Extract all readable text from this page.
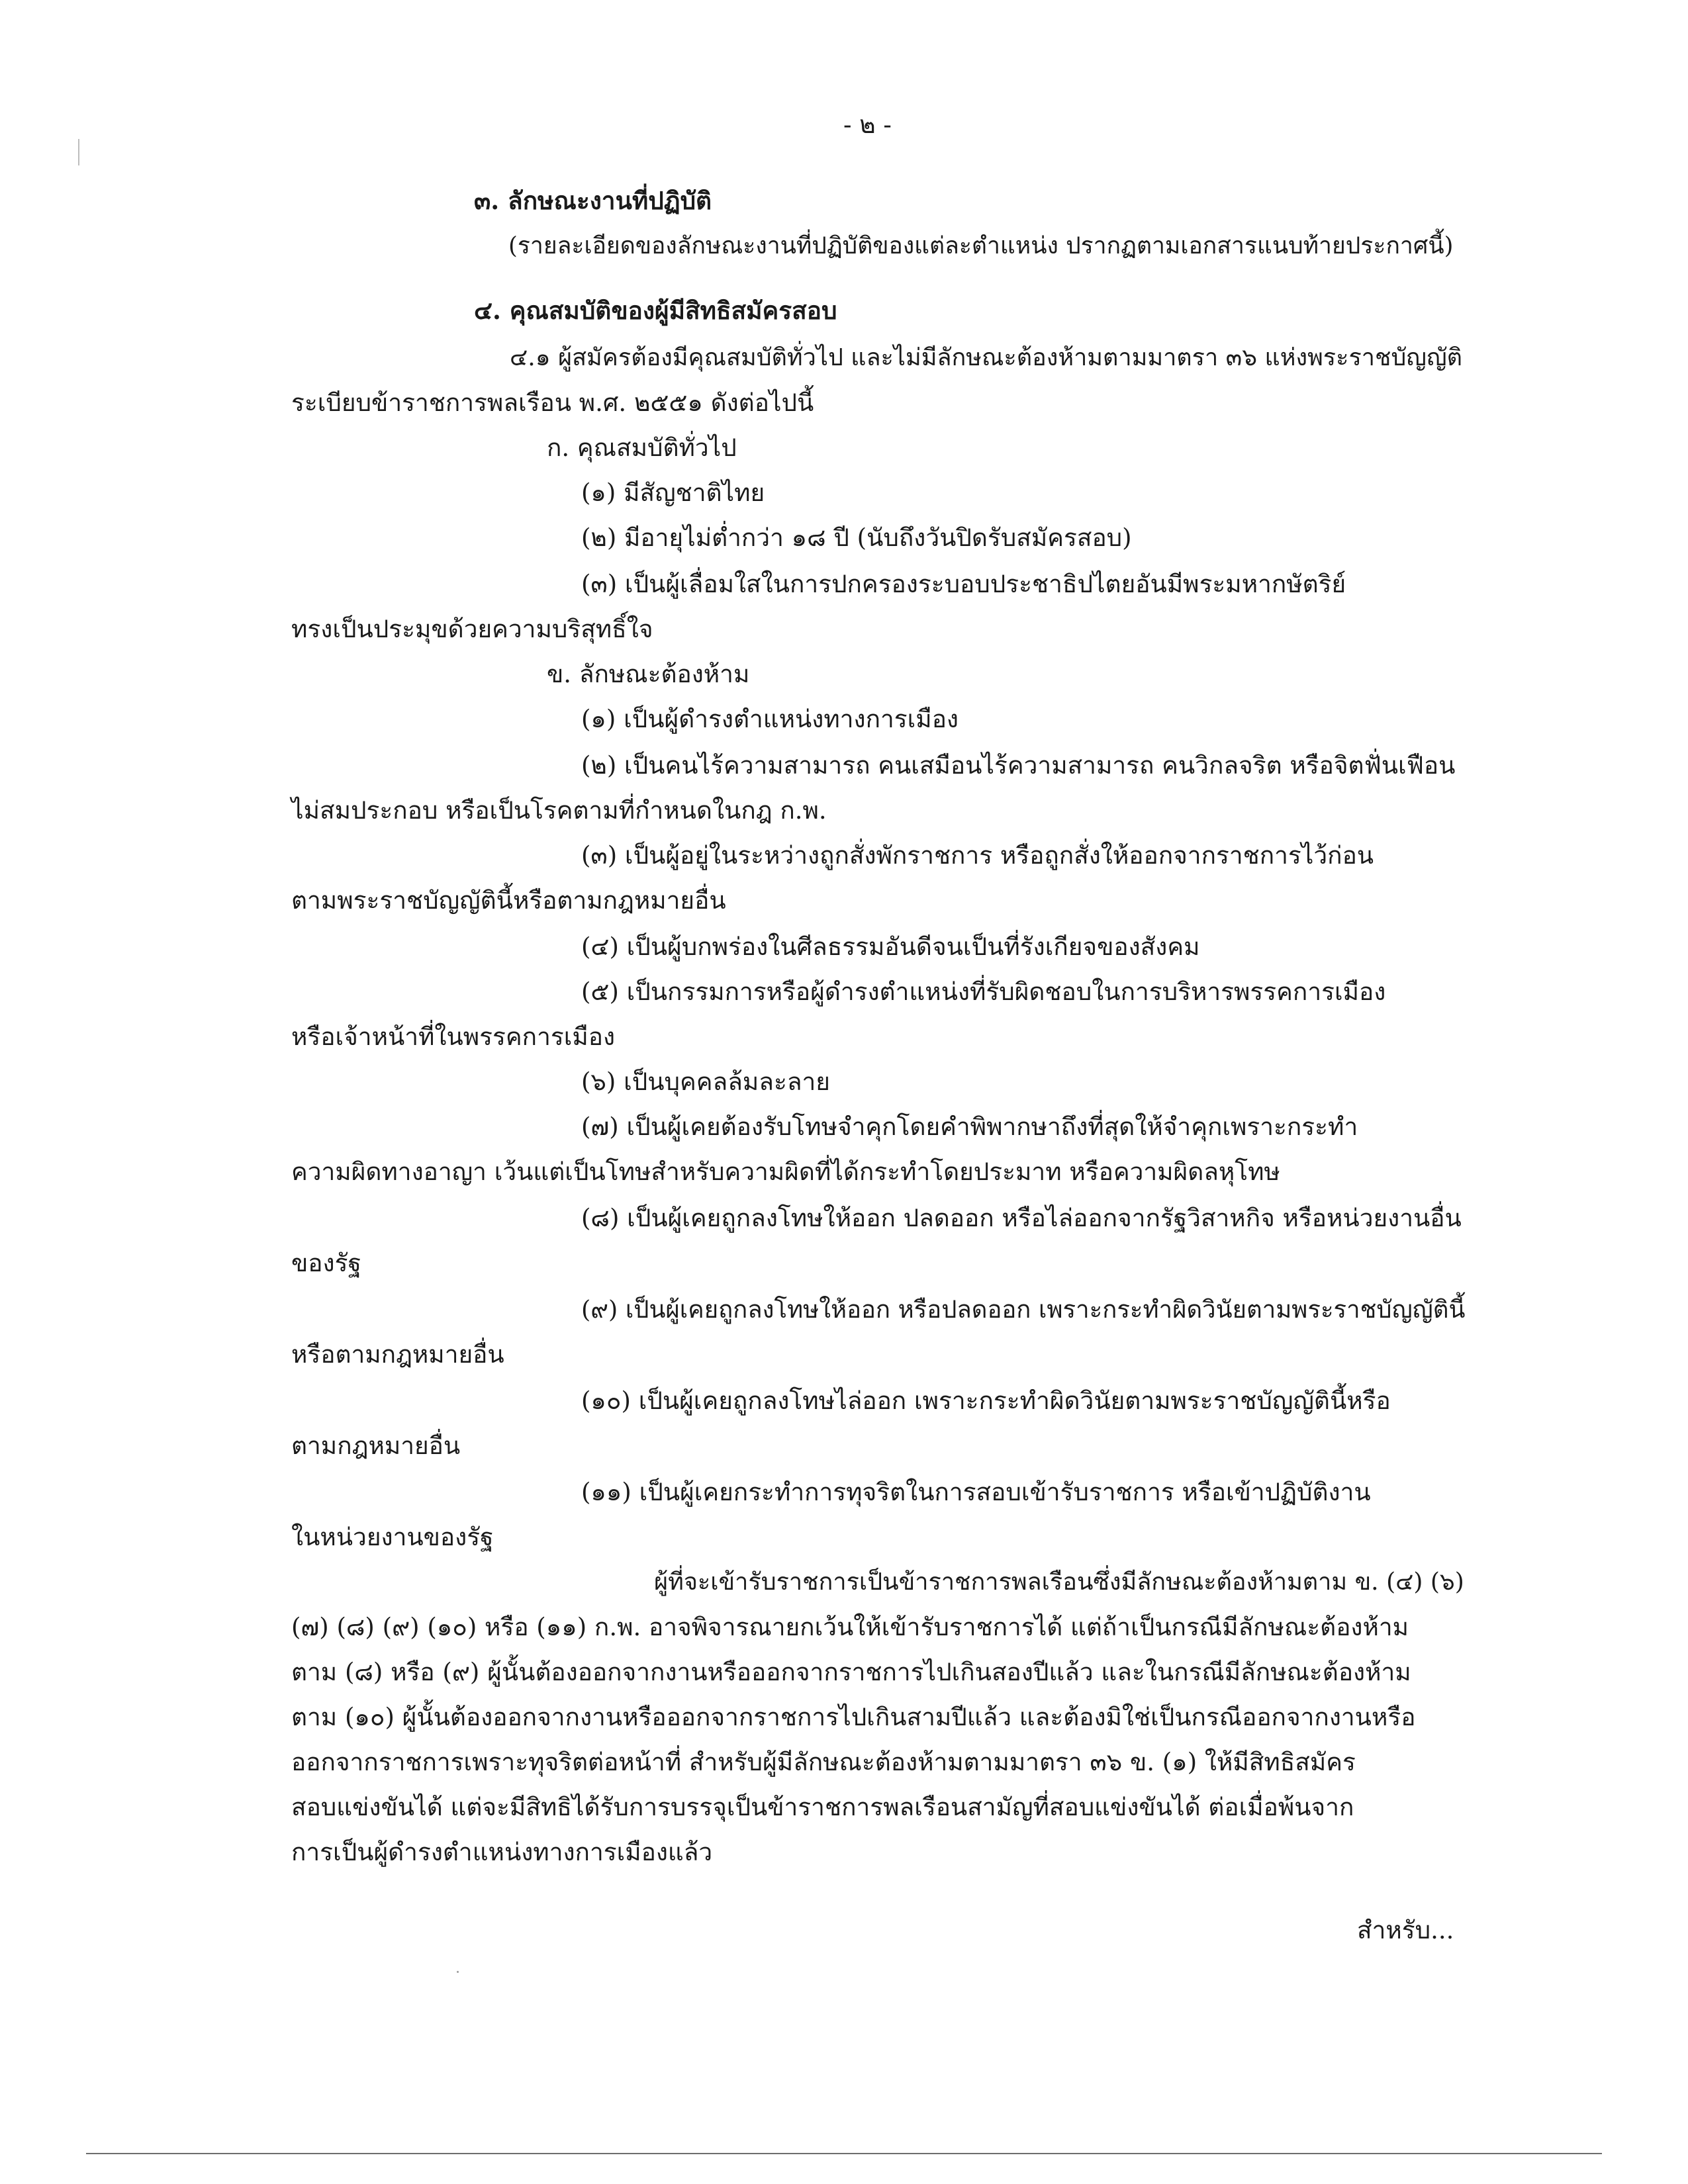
- ๒ -
๓. ลักษณะงานที่ปฏิบัติ
(รายละเอียดของลักษณะงานที่ปฏิบัติของแต่ละตำแหน่ง ปรากฏตามเอกสารแนบท้ายประกาศนี้)
๔. คุณสมบัติของผู้มีสิทธิสมัครสอบ
๔.๑ ผู้สมัครต้องมีคุณสมบัติทั่วไป และไม่มีลักษณะต้องห้ามตามมาตรา ๓๖ แห่งพระราชบัญญัติ
ระเบียบข้าราชการพลเรือน พ.ศ. ๒๕๕๑ ดังต่อไปนี้
ก. คุณสมบัติทั่วไป
(๑) มีสัญชาติไทย
(๒) มีอายุไม่ต่ำกว่า ๑๘ ปี (นับถึงวันปิดรับสมัครสอบ)
(๓) เป็นผู้เลื่อมใสในการปกครองระบอบประชาธิปไตยอันมีพระมหากษัตริย์
ทรงเป็นประมุขด้วยความบริสุทธิ์ใจ
ข. ลักษณะต้องห้าม
(๑) เป็นผู้ดำรงตำแหน่งทางการเมือง
(๒) เป็นคนไร้ความสามารถ คนเสมือนไร้ความสามารถ คนวิกลจริต หรือจิตฟั่นเฟือน
ไม่สมประกอบ หรือเป็นโรคตามที่กำหนดในกฎ ก.พ.
(๓) เป็นผู้อยู่ในระหว่างถูกสั่งพักราชการ หรือถูกสั่งให้ออกจากราชการไว้ก่อน
ตามพระราชบัญญัตินี้หรือตามกฎหมายอื่น
(๔) เป็นผู้บกพร่องในศีลธรรมอันดีจนเป็นที่รังเกียจของสังคม
(๕) เป็นกรรมการหรือผู้ดำรงตำแหน่งที่รับผิดชอบในการบริหารพรรคการเมือง
หรือเจ้าหน้าที่ในพรรคการเมือง
(๖) เป็นบุคคลล้มละลาย
(๗) เป็นผู้เคยต้องรับโทษจำคุกโดยคำพิพากษาถึงที่สุดให้จำคุกเพราะกระทำ
ความผิดทางอาญา เว้นแต่เป็นโทษสำหรับความผิดที่ได้กระทำโดยประมาท หรือความผิดลหุโทษ
(๘) เป็นผู้เคยถูกลงโทษให้ออก ปลดออก หรือไล่ออกจากรัฐวิสาหกิจ หรือหน่วยงานอื่น
ของรัฐ
(๙) เป็นผู้เคยถูกลงโทษให้ออก หรือปลดออก เพราะกระทำผิดวินัยตามพระราชบัญญัตินี้
หรือตามกฎหมายอื่น
(๑๐) เป็นผู้เคยถูกลงโทษไล่ออก เพราะกระทำผิดวินัยตามพระราชบัญญัตินี้หรือ
ตามกฎหมายอื่น
(๑๑) เป็นผู้เคยกระทำการทุจริตในการสอบเข้ารับราชการ หรือเข้าปฏิบัติงาน
ในหน่วยงานของรัฐ
ผู้ที่จะเข้ารับราชการเป็นข้าราชการพลเรือนซึ่งมีลักษณะต้องห้ามตาม ข. (๔) (๖)
(๗) (๘) (๙) (๑๐) หรือ (๑๑) ก.พ. อาจพิจารณายกเว้นให้เข้ารับราชการได้ แต่ถ้าเป็นกรณีมีลักษณะต้องห้าม
ตาม (๘) หรือ (๙) ผู้นั้นต้องออกจากงานหรือออกจากราชการไปเกินสองปีแล้ว และในกรณีมีลักษณะต้องห้าม
ตาม (๑๐) ผู้นั้นต้องออกจากงานหรือออกจากราชการไปเกินสามปีแล้ว และต้องมิใช่เป็นกรณีออกจากงานหรือ
ออกจากราชการเพราะทุจริตต่อหน้าที่ สำหรับผู้มีลักษณะต้องห้ามตามมาตรา ๓๖ ข. (๑) ให้มีสิทธิสมัคร
สอบแข่งขันได้ แต่จะมีสิทธิได้รับการบรรจุเป็นข้าราชการพลเรือนสามัญที่สอบแข่งขันได้ ต่อเมื่อพ้นจาก
การเป็นผู้ดำรงตำแหน่งทางการเมืองแล้ว
สำหรับ...
